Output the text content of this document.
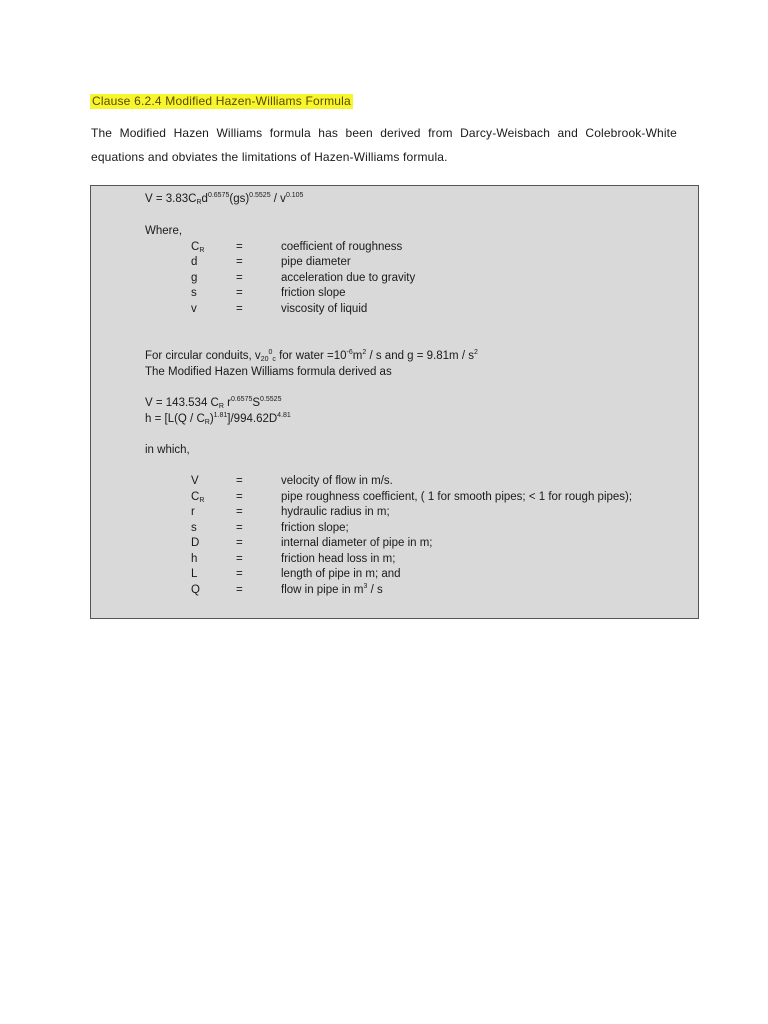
Clause 6.2.4 Modified Hazen-Williams Formula
The Modified Hazen Williams formula has been derived from Darcy-Weisbach and Colebrook-White equations and obviates the limitations of Hazen-Williams formula.
$V = 3.83C_Rd^{0.6575}(gs)^{0.5525} / v^{0.105}$
Where,
$C_R$	=	coefficient of roughness
d	=	pipe diameter
g	=	acceleration due to gravity
s	=	friction slope
v	=	viscosity of liquid
For circular conduits, $v_{20}^0_c$ for water $=10^{-6}m^2 / s$ and $g = 9.81m / s^2$
The Modified Hazen Williams formula derived as
V = 143.534 $C_R$ $r^{0.6575}S^{0.5525}$
$h = [L(Q / C_R)^{1.81}]/994.62D^{4.81}$
in which,
V	=	velocity of flow in m/s.
$C_R$	=	pipe roughness coefficient, ( 1 for smooth pipes; < 1 for rough pipes);
r	=	hydraulic radius in m;
s	=	friction slope;
D	=	internal diameter of pipe in m;
h	=	friction head loss in m;
L	=	length of pipe in m; and
Q	=	flow in pipe in $m^3$ / s
